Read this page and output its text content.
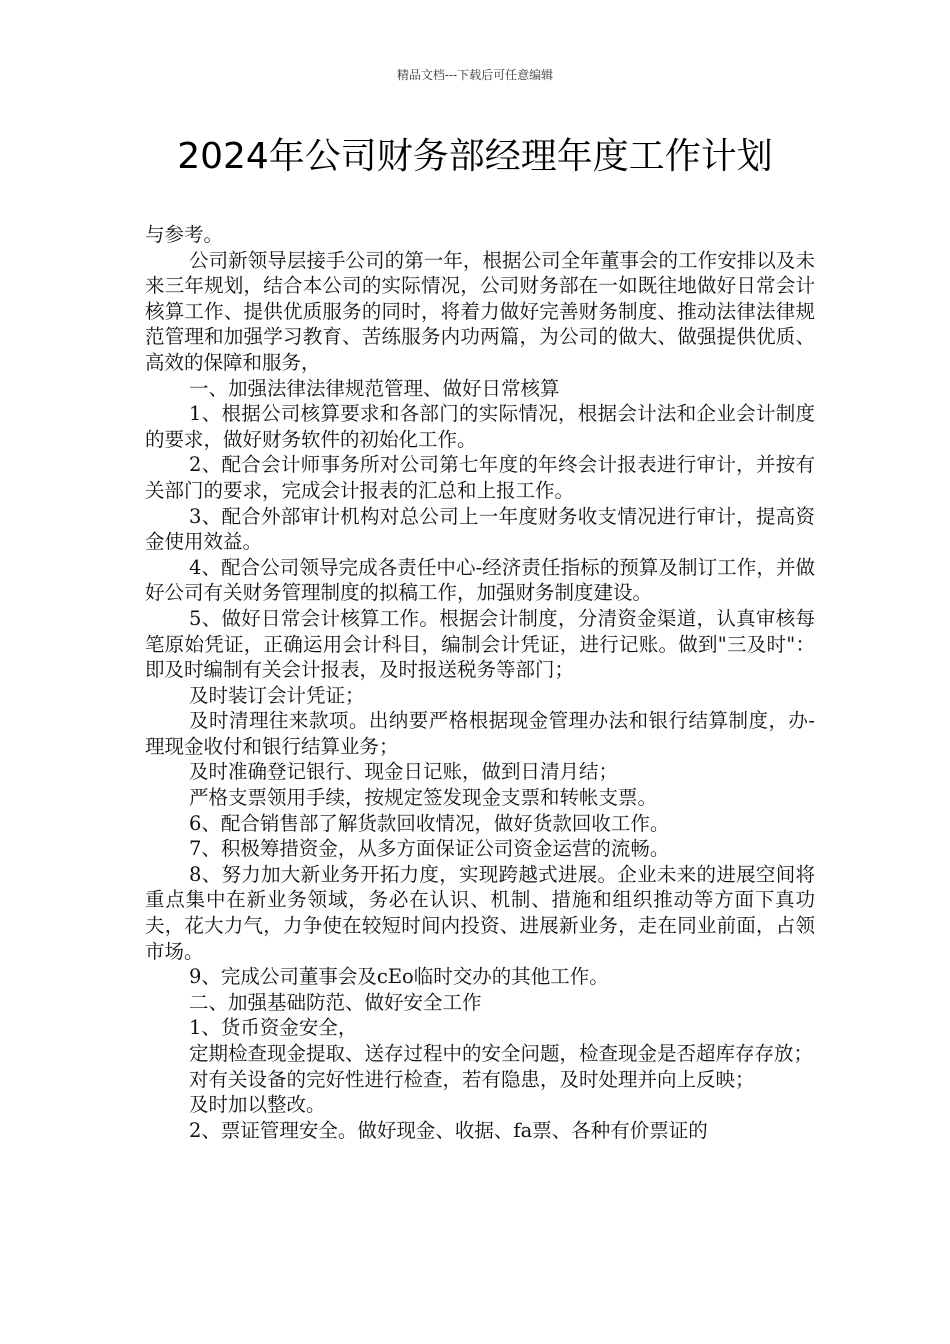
精品文档---下载后可任意编辑
2024年公司财务部经理年度工作计划

与参考。

公司新领导层接手公司的第一年，根据公司全年董事会的工作安排以及未来三年规划，结合本公司的实际情况，公司财务部在一如既往地做好日常会计核算工作、提供优质服务的同时，将着力做好完善财务制度、推动法律法律规范管理和加强学习教育、苦练服务内功两篇，为公司的做大、做强提供优质、高效的保障和服务，

一、加强法律法律规范管理、做好日常核算

1、根据公司核算要求和各部门的实际情况，根据会计法和企业会计制度的要求，做好财务软件的初始化工作。

2、配合会计师事务所对公司第七年度的年终会计报表进行审计，并按有关部门的要求，完成会计报表的汇总和上报工作。

3、配合外部审计机构对总公司上一年度财务收支情况进行审计，提高资金使用效益。

4、配合公司领导完成各责任中心-经济责任指标的预算及制订工作，并做好公司有关财务管理制度的拟稿工作，加强财务制度建设。

5、做好日常会计核算工作。根据会计制度，分清资金渠道，认真审核每笔原始凭证，正确运用会计科目，编制会计凭证，进行记账。做到"三及时"：即及时编制有关会计报表，及时报送税务等部门；

及时装订会计凭证；

及时清理往来款项。出纳要严格根据现金管理办法和银行结算制度，办-理现金收付和银行结算业务；

及时准确登记银行、现金日记账，做到日清月结；

严格支票领用手续，按规定签发现金支票和转帐支票。

6、配合销售部了解货款回收情况，做好货款回收工作。

7、积极筹措资金，从多方面保证公司资金运营的流畅。

8、努力加大新业务开拓力度，实现跨越式进展。企业未来的进展空间将重点集中在新业务领域，务必在认识、机制、措施和组织推动等方面下真功夫，花大力气，力争使在较短时间内投资、进展新业务，走在同业前面，占领市场。

9、完成公司董事会及cEo临时交办的其他工作。

二、加强基础防范、做好安全工作

1、货币资金安全，

定期检查现金提取、送存过程中的安全问题，检查现金是否超库存存放；

对有关设备的完好性进行检查，若有隐患，及时处理并向上反映；

及时加以整改。

2、票证管理安全。做好现金、收据、fa票、各种有价票证的
